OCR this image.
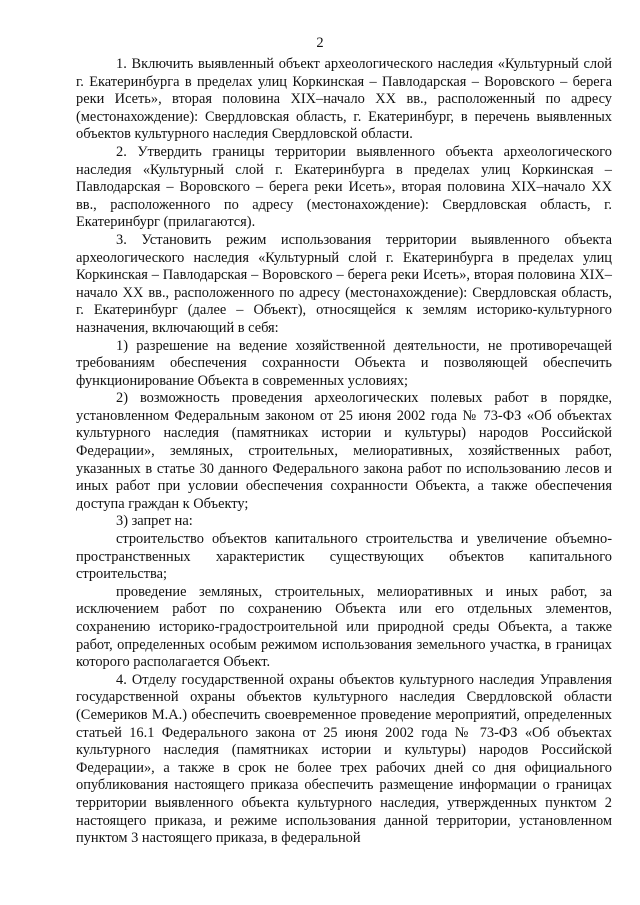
2

1. Включить выявленный объект археологического наследия «Культурный слой г. Екатеринбурга в пределах улиц Коркинская – Павлодарская – Воровского – берега реки Исеть», вторая половина XIX–начало XX вв., расположенный по адресу (местонахождение): Свердловская область, г. Екатеринбург, в перечень выявленных объектов культурного наследия Свердловской области.

2. Утвердить границы территории выявленного объекта археологического наследия «Культурный слой г. Екатеринбурга в пределах улиц Коркинская – Павлодарская – Воровского – берега реки Исеть», вторая половина XIX–начало XX вв., расположенного по адресу (местонахождение): Свердловская область, г. Екатеринбург (прилагаются).

3. Установить режим использования территории выявленного объекта археологического наследия «Культурный слой г. Екатеринбурга в пределах улиц Коркинская – Павлодарская – Воровского – берега реки Исеть», вторая половина XIX–начало XX вв., расположенного по адресу (местонахождение): Свердловская область, г. Екатеринбург (далее – Объект), относящейся к землям историко-культурного назначения, включающий в себя:

1) разрешение на ведение хозяйственной деятельности, не противоречащей требованиям обеспечения сохранности Объекта и позволяющей обеспечить функционирование Объекта в современных условиях;

2) возможность проведения археологических полевых работ в порядке, установленном Федеральным законом от 25 июня 2002 года № 73-ФЗ «Об объектах культурного наследия (памятниках истории и культуры) народов Российской Федерации», земляных, строительных, мелиоративных, хозяйственных работ, указанных в статье 30 данного Федерального закона работ по использованию лесов и иных работ при условии обеспечения сохранности Объекта, а также обеспечения доступа граждан к Объекту;

3) запрет на:

строительство объектов капитального строительства и увеличение объемно-пространственных характеристик существующих объектов капитального строительства;

проведение земляных, строительных, мелиоративных и иных работ, за исключением работ по сохранению Объекта или его отдельных элементов, сохранению историко-градостроительной или природной среды Объекта, а также работ, определенных особым режимом использования земельного участка, в границах которого располагается Объект.

4. Отделу государственной охраны объектов культурного наследия Управления государственной охраны объектов культурного наследия Свердловской области (Семериков М.А.) обеспечить своевременное проведение мероприятий, определенных статьей 16.1 Федерального закона от 25 июня 2002 года № 73-ФЗ «Об объектах культурного наследия (памятниках истории и культуры) народов Российской Федерации», а также в срок не более трех рабочих дней со дня официального опубликования настоящего приказа обеспечить размещение информации о границах территории выявленного объекта культурного наследия, утвержденных пунктом 2 настоящего приказа, и режиме использования данной территории, установленном пунктом 3 настоящего приказа, в федеральной
